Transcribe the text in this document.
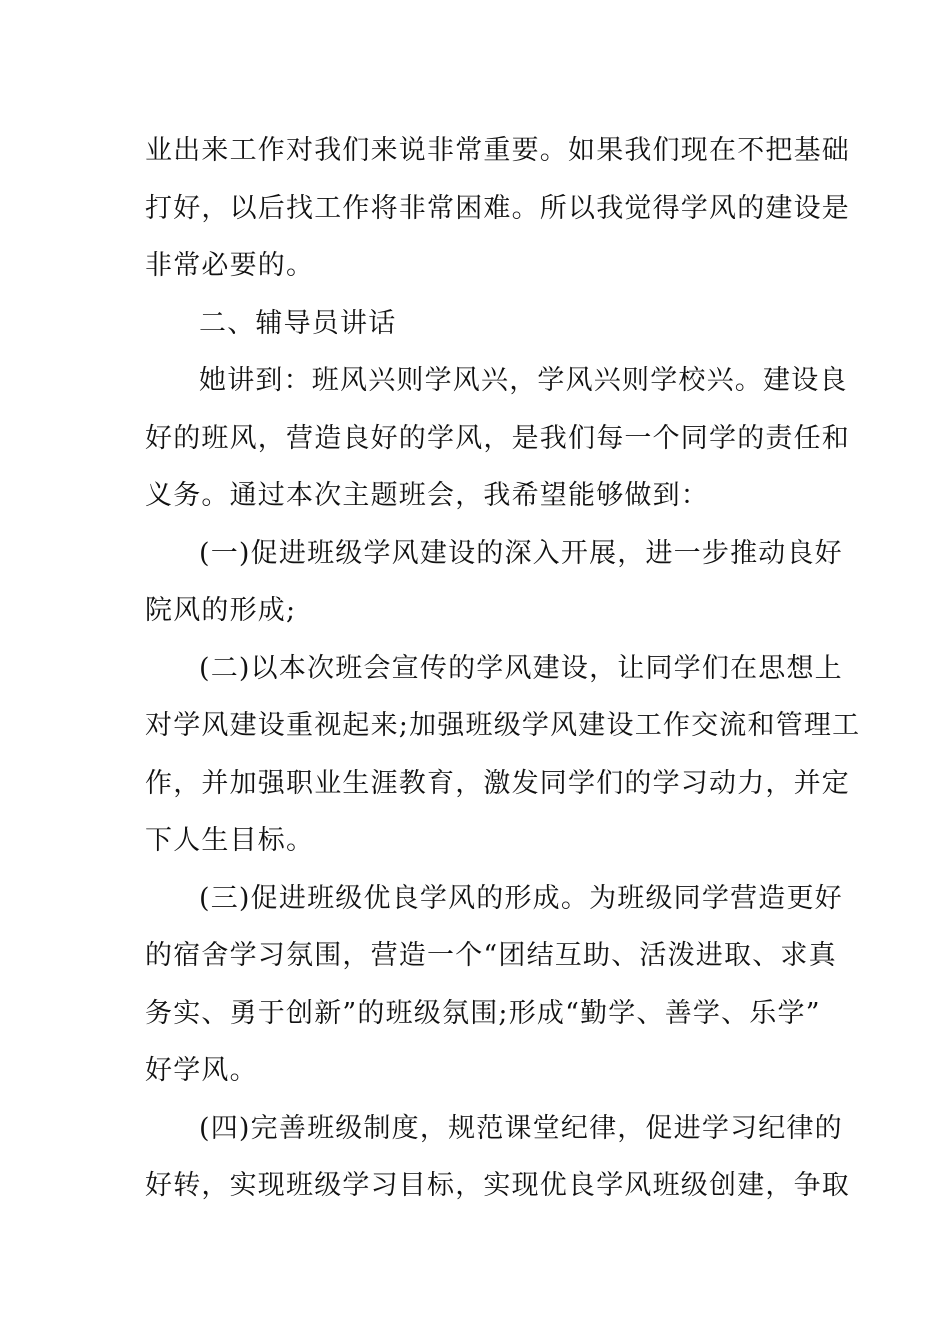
业出来工作对我们来说非常重要。如果我们现在不把基础
打好，以后找工作将非常困难。所以我觉得学风的建设是
非常必要的。
二、辅导员讲话
她讲到：班风兴则学风兴，学风兴则学校兴。建设良
好的班风，营造良好的学风，是我们每一个同学的责任和
义务。通过本次主题班会，我希望能够做到：
(一)促进班级学风建设的深入开展，进一步推动良好
院风的形成;
(二)以本次班会宣传的学风建设，让同学们在思想上
对学风建设重视起来;加强班级学风建设工作交流和管理工
作，并加强职业生涯教育，激发同学们的学习动力，并定
下人生目标。
(三)促进班级优良学风的形成。为班级同学营造更好
的宿舍学习氛围，营造一个“团结互助、活泼进取、求真
务实、勇于创新”的班级氛围;形成“勤学、善学、乐学”
好学风。
(四)完善班级制度，规范课堂纪律，促进学习纪律的
好转，实现班级学习目标，实现优良学风班级创建，争取
